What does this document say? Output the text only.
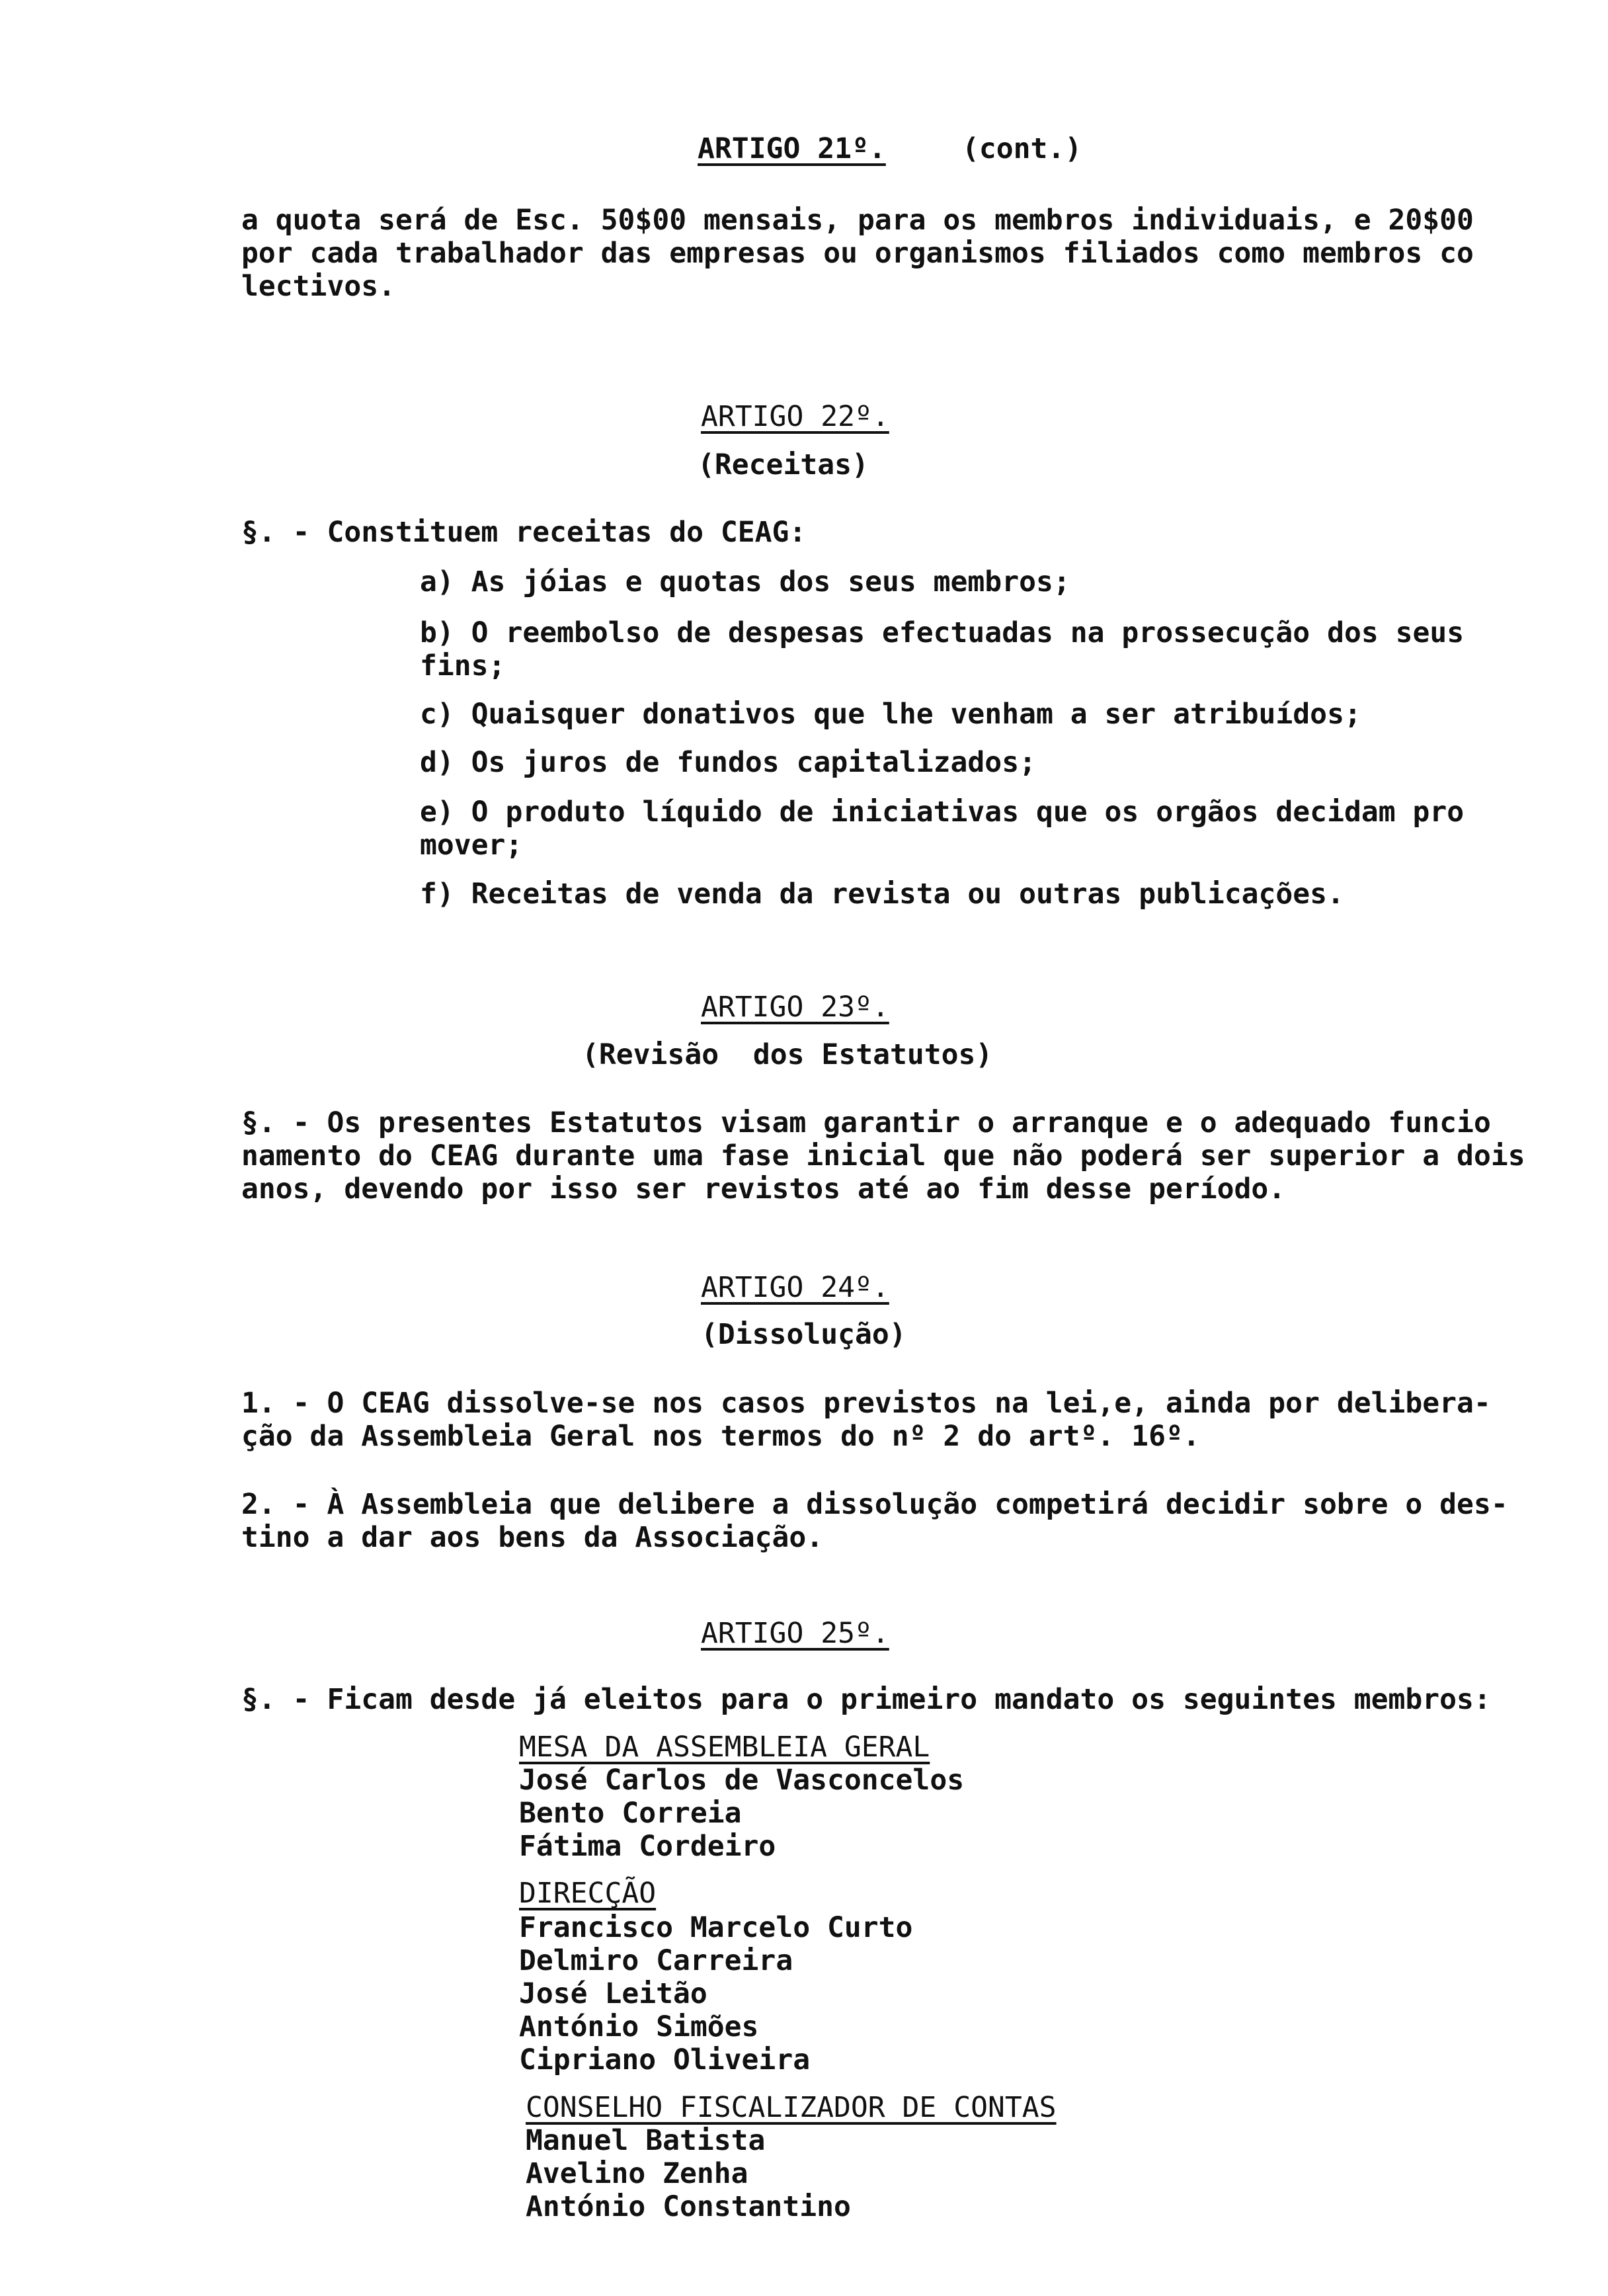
ARTIGO 21º.	(cont.)
a quota será de Esc. 50$00 mensais, para os membros individuais, e 20$00
por cada trabalhador das empresas ou organismos filiados como membros co
lectivos.
ARTIGO 22º.
(Receitas)
§. - Constituem receitas do CEAG:
a) As jóias e quotas dos seus membros;
b) O reembolso de despesas efectuadas na prossecução dos seus
fins;
c) Quaisquer donativos que lhe venham a ser atribuídos;
d) Os juros de fundos capitalizados;
e) O produto líquido de iniciativas que os orgãos decidam pro
mover;
f) Receitas de venda da revista ou outras publicações.
ARTIGO 23º.
(Revisão  dos Estatutos)
§. - Os presentes Estatutos visam garantir o arranque e o adequado funcio
namento do CEAG durante uma fase inicial que não poderá ser superior a dois
anos, devendo por isso ser revistos até ao fim desse período.
ARTIGO 24º.
(Dissolução)
1. - O CEAG dissolve-se nos casos previstos na lei,e, ainda por delibera-
ção da Assembleia Geral nos termos do nº 2 do artº. 16º.
2. - À Assembleia que delibere a dissolução competirá decidir sobre o des-
tino a dar aos bens da Associação.
ARTIGO 25º.
§. - Ficam desde já eleitos para o primeiro mandato os seguintes membros:
MESA DA ASSEMBLEIA GERAL
José Carlos de Vasconcelos
Bento Correia
Fátima Cordeiro
DIRECÇÃO
Francisco Marcelo Curto
Delmiro Carreira
José Leitão
António Simões
Cipriano Oliveira
CONSELHO FISCALIZADOR DE CONTAS
Manuel Batista
Avelino Zenha
António Constantino
